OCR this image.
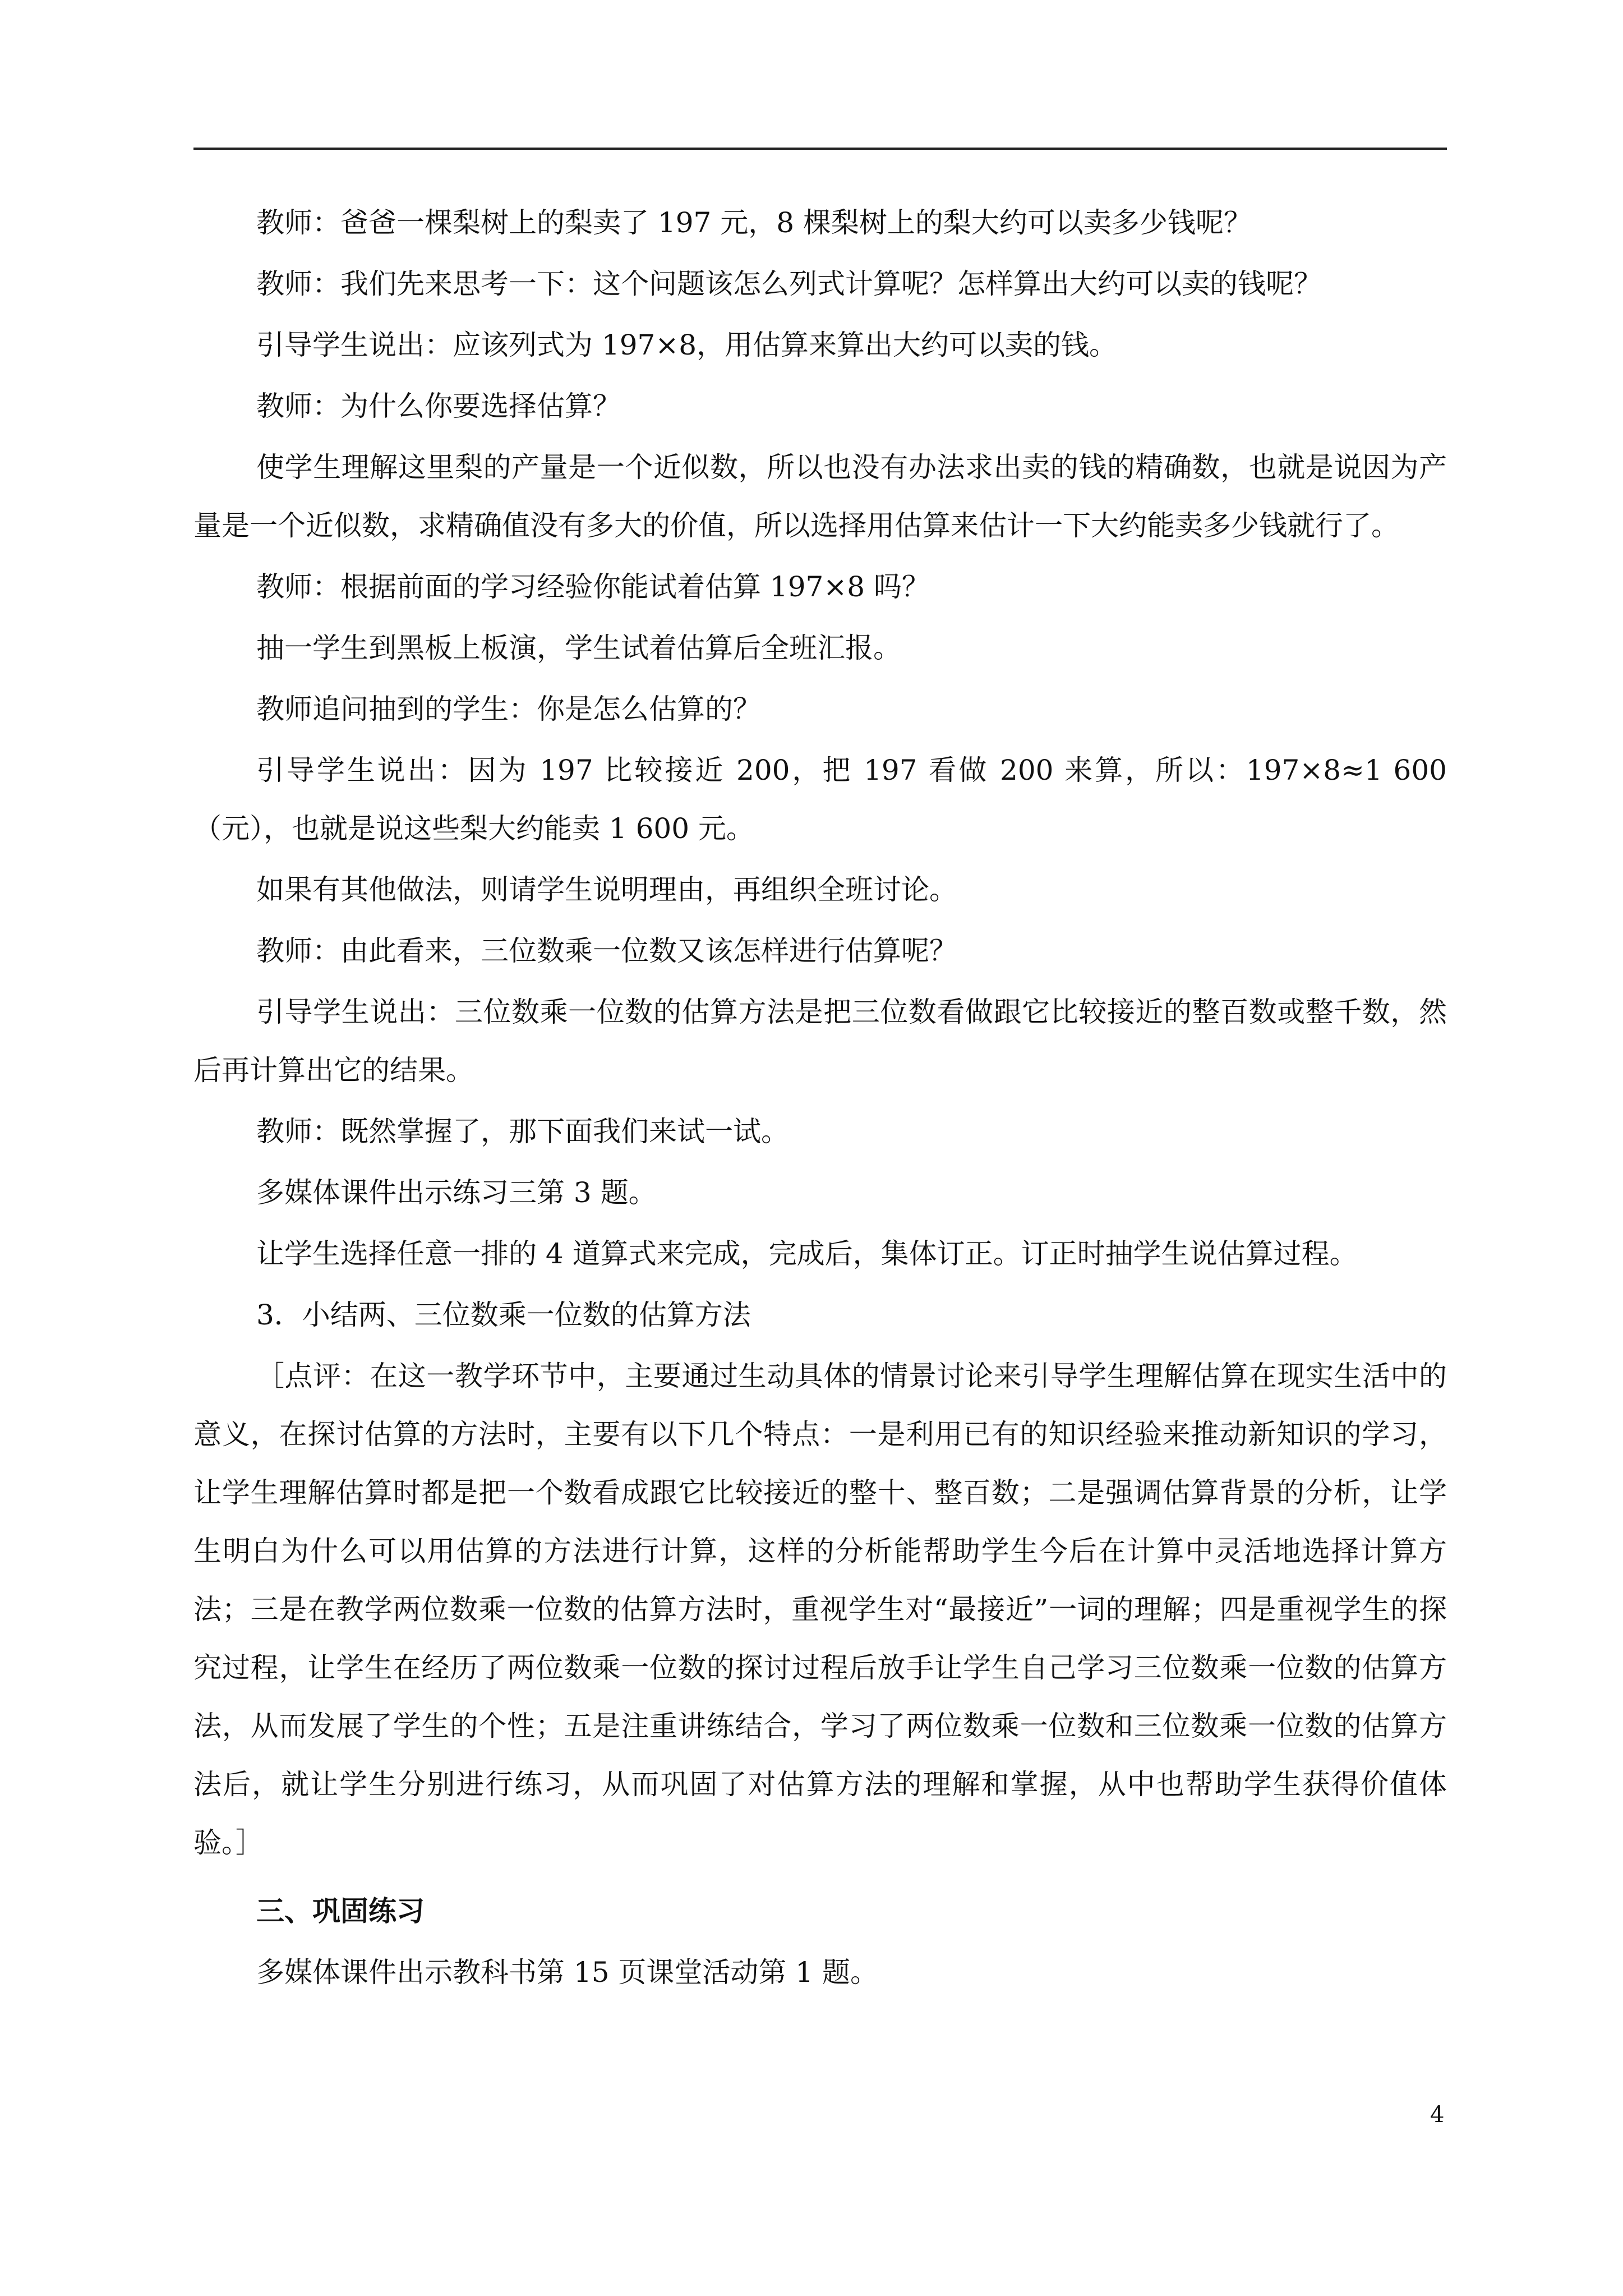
教师：爸爸一棵梨树上的梨卖了 197 元，8 棵梨树上的梨大约可以卖多少钱呢？

教师：我们先来思考一下：这个问题该怎么列式计算呢？怎样算出大约可以卖的钱呢？

引导学生说出：应该列式为 197×8，用估算来算出大约可以卖的钱。

教师：为什么你要选择估算？

使学生理解这里梨的产量是一个近似数，所以也没有办法求出卖的钱的精确数，也就是说因为产量是一个近似数，求精确值没有多大的价值，所以选择用估算来估计一下大约能卖多少钱就行了。

教师：根据前面的学习经验你能试着估算 197×8 吗？

抽一学生到黑板上板演，学生试着估算后全班汇报。

教师追问抽到的学生：你是怎么估算的？

引导学生说出：因为 197 比较接近 200，把 197 看做 200 来算，所以：197×8≈1 600（元），也就是说这些梨大约能卖 1 600 元。

如果有其他做法，则请学生说明理由，再组织全班讨论。

教师：由此看来，三位数乘一位数又该怎样进行估算呢？

引导学生说出：三位数乘一位数的估算方法是把三位数看做跟它比较接近的整百数或整千数，然后再计算出它的结果。

教师：既然掌握了，那下面我们来试一试。

多媒体课件出示练习三第 3 题。

让学生选择任意一排的 4 道算式来完成，完成后，集体订正。订正时抽学生说估算过程。

3．小结两、三位数乘一位数的估算方法

［点评：在这一教学环节中，主要通过生动具体的情景讨论来引导学生理解估算在现实生活中的意义，在探讨估算的方法时，主要有以下几个特点：一是利用已有的知识经验来推动新知识的学习，让学生理解估算时都是把一个数看成跟它比较接近的整十、整百数；二是强调估算背景的分析，让学生明白为什么可以用估算的方法进行计算，这样的分析能帮助学生今后在计算中灵活地选择计算方法；三是在教学两位数乘一位数的估算方法时，重视学生对“最接近”一词的理解；四是重视学生的探究过程，让学生在经历了两位数乘一位数的探讨过程后放手让学生自己学习三位数乘一位数的估算方法，从而发展了学生的个性；五是注重讲练结合，学习了两位数乘一位数和三位数乘一位数的估算方法后，就让学生分别进行练习，从而巩固了对估算方法的理解和掌握，从中也帮助学生获得价值体验。］

三、巩固练习

多媒体课件出示教科书第 15 页课堂活动第 1 题。

4
